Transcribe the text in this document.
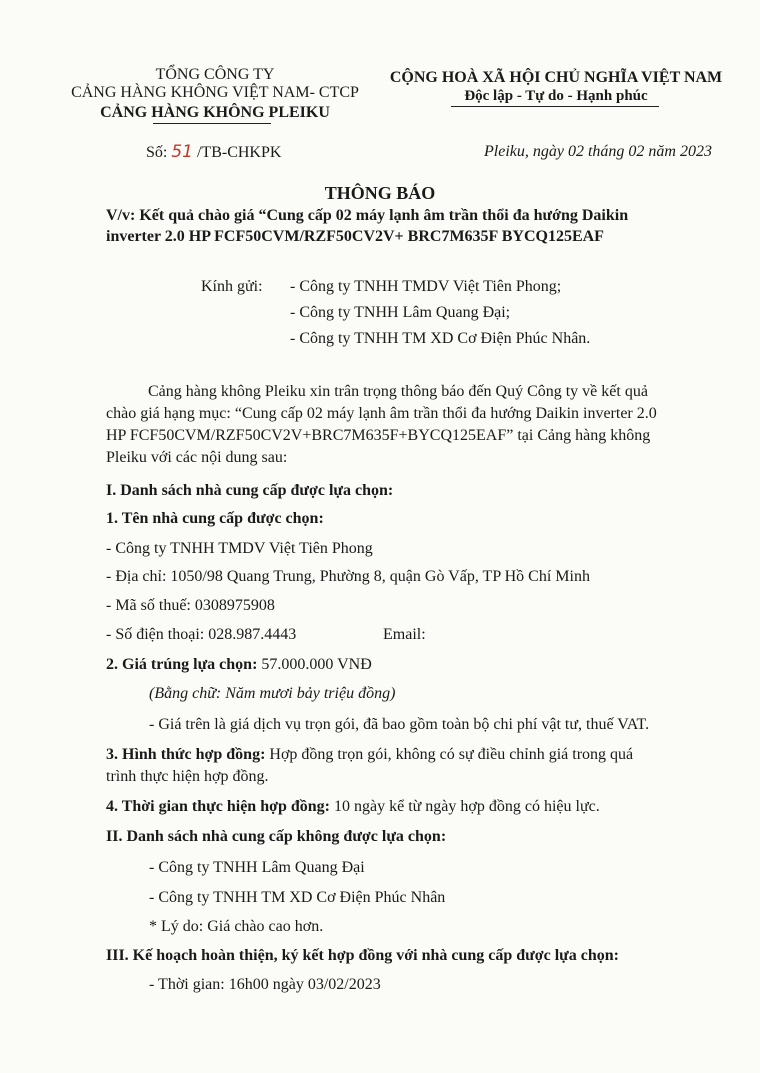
TỔNG CÔNG TY
CẢNG HÀNG KHÔNG VIỆT NAM- CTCP
CẢNG HÀNG KHÔNG PLEIKU
CỘNG HOÀ XÃ HỘI CHỦ NGHĨA VIỆT NAM
Độc lập - Tự do - Hạnh phúc
Số: 51 /TB-CHKPK	Pleiku, ngày 02 tháng 02 năm 2023
THÔNG BÁO
V/v: Kết quả chào giá “Cung cấp 02 máy lạnh âm trần thổi đa hướng Daikin
inverter 2.0 HP FCF50CVM/RZF50CV2V+ BRC7M635F BYCQ125EAF
Kính gửi: - Công ty TNHH TMDV Việt Tiên Phong;
- Công ty TNHH Lâm Quang Đại;
- Công ty TNHH TM XD Cơ Điện Phúc Nhân.
Cảng hàng không Pleiku xin trân trọng thông báo đến Quý Công ty về kết quả
chào giá hạng mục: “Cung cấp 02 máy lạnh âm trần thổi đa hướng Daikin inverter 2.0
HP FCF50CVM/RZF50CV2V+BRC7M635F+BYCQ125EAF” tại Cảng hàng không
Pleiku với các nội dung sau:
I. Danh sách nhà cung cấp được lựa chọn:
1. Tên nhà cung cấp được chọn:
- Công ty TNHH TMDV Việt Tiên Phong
- Địa chỉ: 1050/98 Quang Trung, Phường 8, quận Gò Vấp, TP Hồ Chí Minh
- Mã số thuế: 0308975908
- Số điện thoại: 028.987.4443	Email:
2. Giá trúng lựa chọn: 57.000.000 VNĐ
(Bằng chữ: Năm mươi bảy triệu đồng)
- Giá trên là giá dịch vụ trọn gói, đã bao gồm toàn bộ chi phí vật tư, thuế VAT.
3. Hình thức hợp đồng: Hợp đồng trọn gói, không có sự điều chỉnh giá trong quá
trình thực hiện hợp đồng.
4. Thời gian thực hiện hợp đồng: 10 ngày kể từ ngày hợp đồng có hiệu lực.
II. Danh sách nhà cung cấp không được lựa chọn:
- Công ty TNHH Lâm Quang Đại
- Công ty TNHH TM XD Cơ Điện Phúc Nhân
* Lý do: Giá chào cao hơn.
III. Kế hoạch hoàn thiện, ký kết hợp đồng với nhà cung cấp được lựa chọn:
- Thời gian: 16h00 ngày 03/02/2023
